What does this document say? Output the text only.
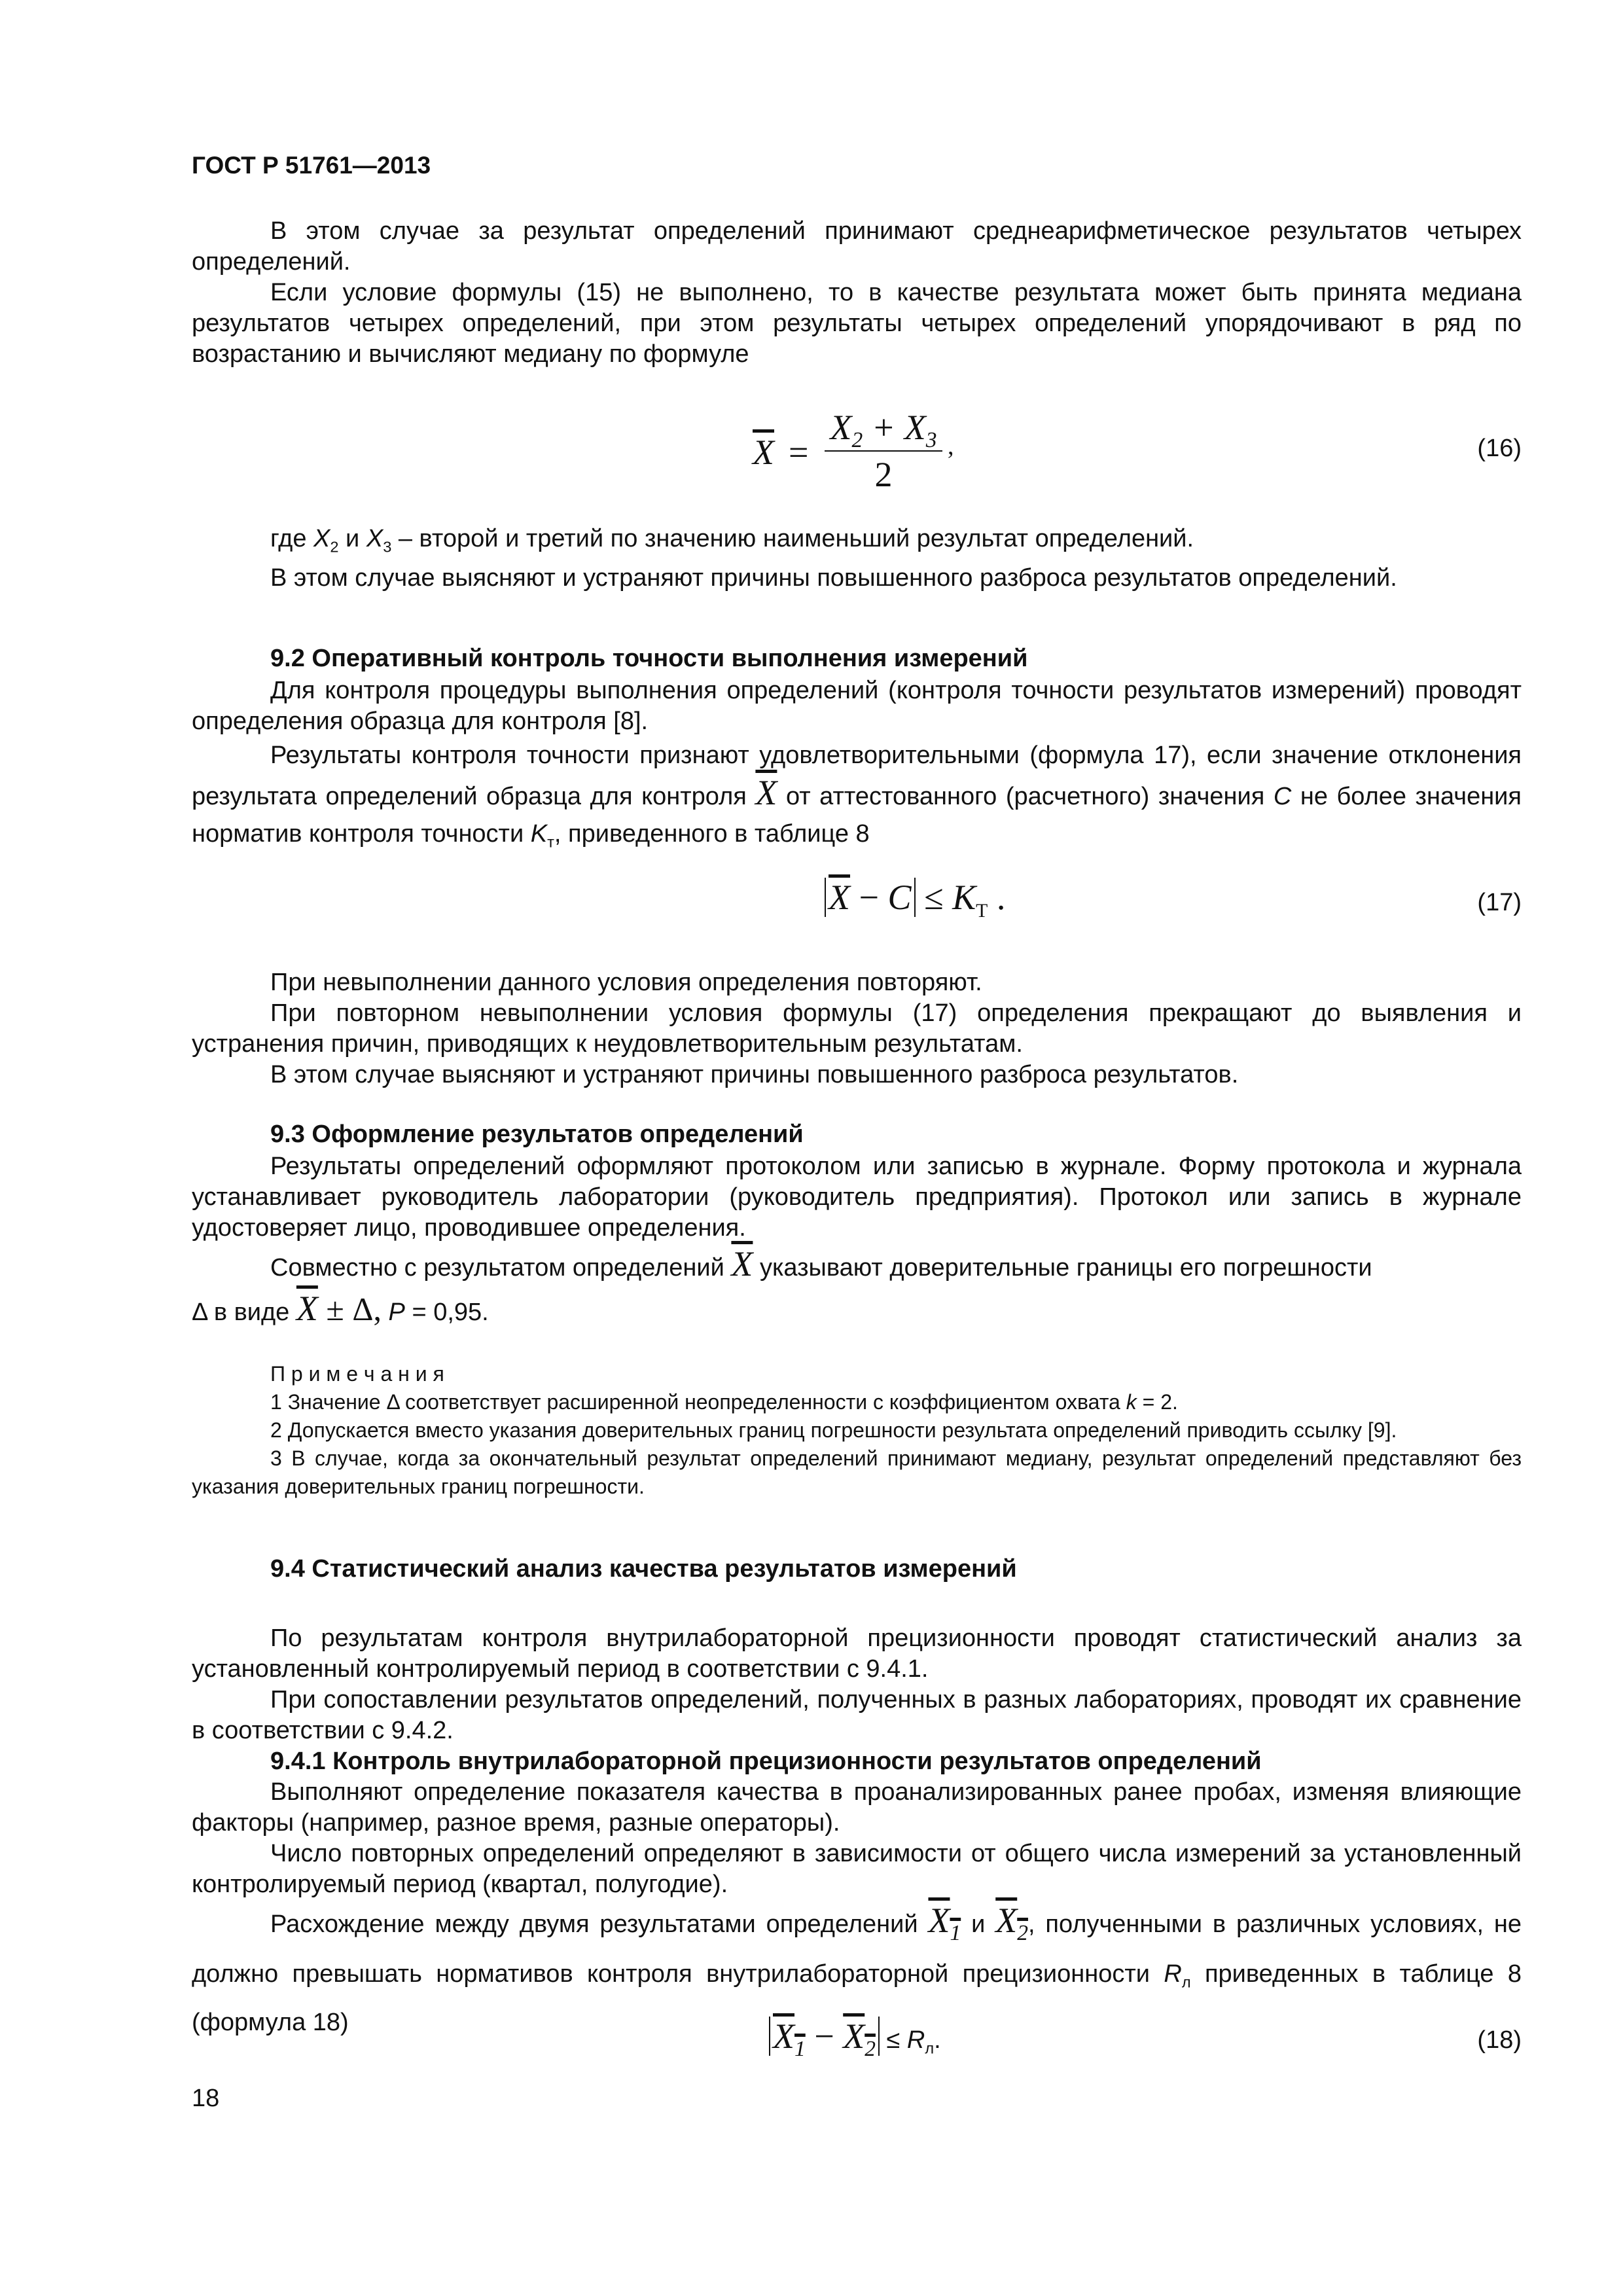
ГОСТ Р 51761—2013
В этом случае за результат определений принимают среднеарифметическое результатов четырех определений.
Если условие формулы (15) не выполнено, то в качестве результата может быть принята медиана результатов четырех определений, при этом результаты четырех определений упорядочивают в ряд по возрастанию и вычисляют медиану по формуле
$\overline{X}$ =
$X_2 + X_3$
2
,	(16)
где $X_2$ и $X_3$ – второй и третий по значению наименьший результат определений.
В этом случае выясняют и устраняют причины повышенного разброса результатов определений.
9.2 Оперативный контроль точности выполнения измерений
Для контроля процедуры выполнения определений (контроля точности результатов измерений) проводят определения образца для контроля [8].
Результаты контроля точности признают удовлетворительными (формула 17), если значение отклонения результата определений образца для контроля $\overline{X}$ от аттестованного (расчетного) значения C не более значения норматив контроля точности $K_т$, приведенного в таблице 8
$\overline{X} - C \le K_Т$ .	(17)
При невыполнении данного условия определения повторяют.
При повторном невыполнении условия формулы (17) определения прекращают до выявления и устранения причин, приводящих к неудовлетворительным результатам.
В этом случае выясняют и устраняют причины повышенного разброса результатов.
9.3 Оформление результатов определений
Результаты определений оформляют протоколом или записью в журнале. Форму протокола и журнала устанавливает руководитель лаборатории (руководитель предприятия). Протокол или запись в журнале удостоверяет лицо, проводившее определения.
Совместно с результатом определений $\overline{X}$ указывают доверительные границы его погрешности
Δ в виде $\overline{X} \pm \Delta$, P = 0,95.
П р и м е ч а н и я
1 Значение Δ соответствует расширенной неопределенности с коэффициентом охвата k = 2.
2 Допускается вместо указания доверительных границ погрешности результата определений приводить ссылку [9].
3 В случае, когда за окончательный результат определений принимают медиану, результат определений представляют без указания доверительных границ погрешности.
9.4 Статистический анализ качества результатов измерений
По результатам контроля внутрилабораторной прецизионности проводят статистический анализ за установленный контролируемый период в соответствии с 9.4.1.
При сопоставлении результатов определений, полученных в разных лабораториях, проводят их сравнение в соответствии с 9.4.2.
9.4.1 Контроль внутрилабораторной прецизионности результатов определений
Выполняют определение показателя качества в проанализированных ранее пробах, изменяя влияющие факторы (например, разное время, разные операторы).
Число повторных определений определяют в зависимости от общего числа измерений за установленный контролируемый период (квартал, полугодие).
Расхождение между двумя результатами определений $X_1$ и $X_2$, полученными в различных условиях, не должно превышать нормативов контроля внутрилабораторной прецизионности $R_л$ приведенных в таблице 8 (формула 18)	$X_1 - X_2 \le R_л$.	(18)
18
